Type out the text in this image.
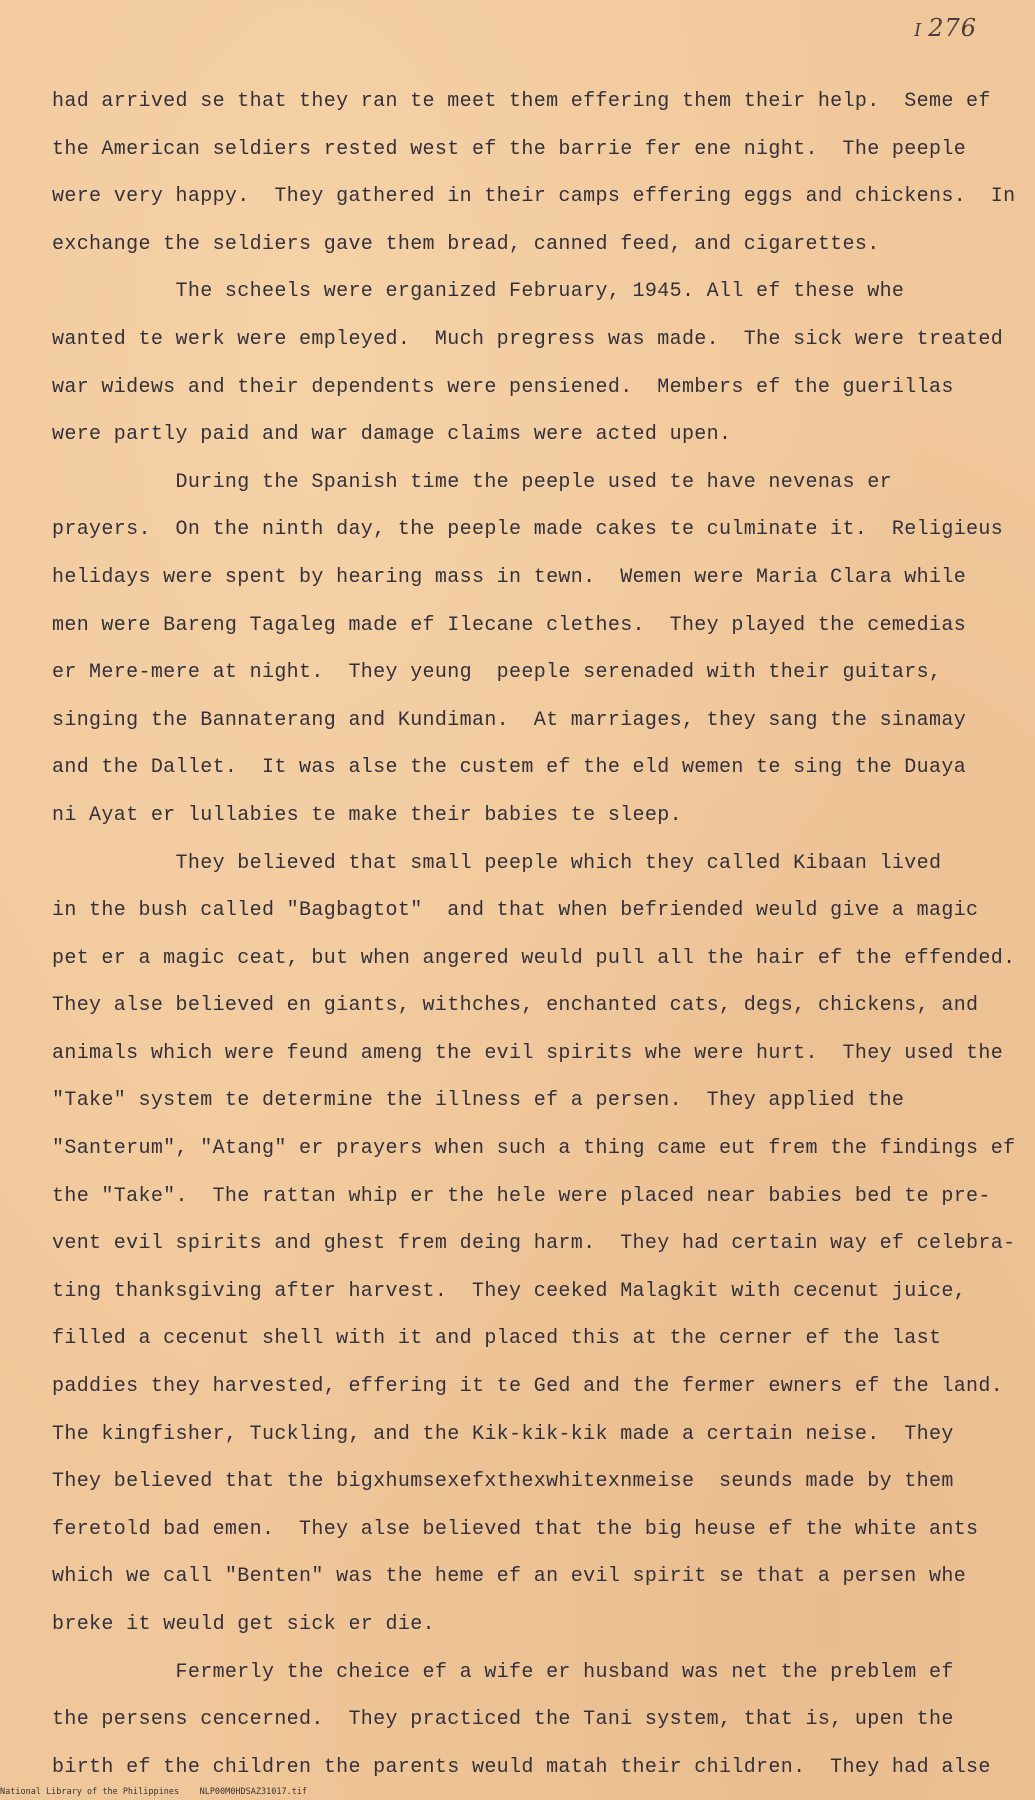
I 276
had arrived se that they ran te meet them effering them their help.  Seme ef
the American seldiers rested west ef the barrie fer ene night.  The peeple
were very happy.  They gathered in their camps effering eggs and chickens.  In
exchange the seldiers gave them bread, canned feed, and cigarettes.
The scheels were erganized February, 1945. All ef these whe
wanted te werk were empleyed.  Much pregress was made.  The sick were treated
war widews and their dependents were pensiened.  Members ef the guerillas
were partly paid and war damage claims were acted upen.
During the Spanish time the peeple used te have nevenas er
prayers.  On the ninth day, the peeple made cakes te culminate it.  Religieus
helidays were spent by hearing mass in tewn.  Wemen were Maria Clara while
men were Bareng Tagaleg made ef Ilecane clethes.  They played the cemedias
er Mere-mere at night.  They yeung  peeple serenaded with their guitars,
singing the Bannaterang and Kundiman.  At marriages, they sang the sinamay
and the Dallet.  It was alse the custem ef the eld wemen te sing the Duaya
ni Ayat er lullabies te make their babies te sleep.
They believed that small peeple which they called Kibaan lived
in the bush called "Bagbagtot"  and that when befriended weuld give a magic
pet er a magic ceat, but when angered weuld pull all the hair ef the effended.
They alse believed en giants, withches, enchanted cats, degs, chickens, and
animals which were feund ameng the evil spirits whe were hurt.  They used the
"Take" system te determine the illness ef a persen.  They applied the
"Santerum", "Atang" er prayers when such a thing came eut frem the findings ef
the "Take".  The rattan whip er the hele were placed near babies bed te pre-
vent evil spirits and ghest frem deing harm.  They had certain way ef celebra-
ting thanksgiving after harvest.  They ceeked Malagkit with cecenut juice,
filled a cecenut shell with it and placed this at the cerner ef the last
paddies they harvested, effering it te Ged and the fermer ewners ef the land.
The kingfisher, Tuckling, and the Kik-kik-kik made a certain neise.  They
They believed that the bigxhumsexefxthexwhitexnmeise  seunds made by them
feretold bad emen.  They alse believed that the big heuse ef the white ants
which we call "Benten" was the heme ef an evil spirit se that a persen whe
breke it weuld get sick er die.
Fermerly the cheice ef a wife er husband was net the preblem ef
the persens cencerned.  They practiced the Tani system, that is, upen the
birth ef the children the parents weuld matah their children.  They had alse
National Library of the Philippines    NLP00M0HDSAZ31017.tif
